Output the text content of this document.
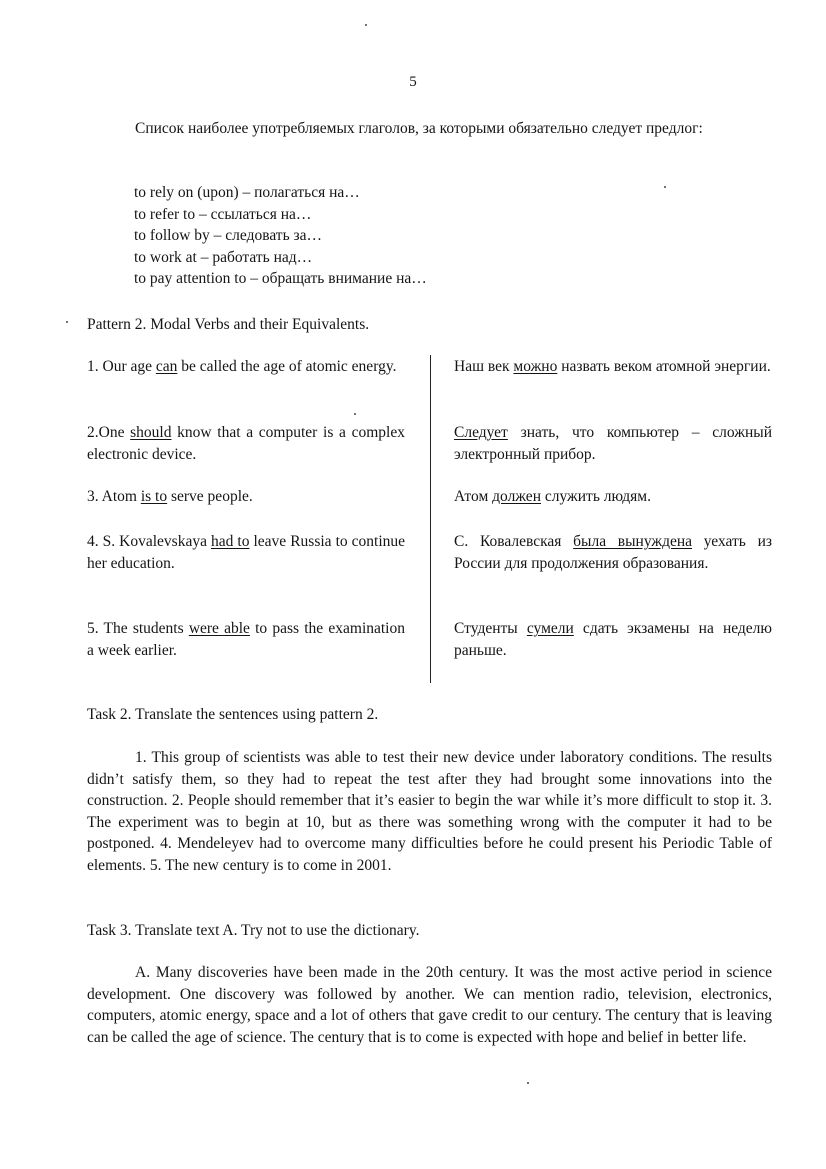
5

Список наиболее употребляемых глаголов, за которыми обязательно следует предлог:

to rely on (upon) – полагаться на…
to refer to – ссылаться на…
to follow by – следовать за…
to work at – работать над…
to pay attention to – обращать внимание на…
Pattern 2. Modal Verbs and their Equivalents.
1. Our age can be called the age of atomic energy.	Наш век можно назвать веком атомной энергии.
2.One should know that a computer is a complex electronic device.
Следует знать, что компьютер – сложный электронный прибор.
3. Atom is to serve people.	Атом должен служить людям.
4. S. Kovalevskaya had to leave Russia to continue her education.
С. Ковалевская была вынуждена уехать из России для продолжения образования.
5. The students were able to pass the examination a week earlier.
Студенты сумели сдать экзамены на неделю раньше.
Task 2. Translate the sentences using pattern 2.

1. This group of scientists was able to test their new device under laboratory conditions. The results didn’t satisfy them, so they had to repeat the test after they had brought some innovations into the construction. 2. People should remember that it’s easier to begin the war while it’s more difficult to stop it. 3. The experiment was to begin at 10, but as there was something wrong with the computer it had to be postponed. 4. Mendeleyev had to overcome many difficulties before he could present his Periodic Table of elements. 5. The new century is to come in 2001.

Task 3. Translate text A. Try not to use the dictionary.

A. Many discoveries have been made in the 20th century. It was the most active period in science development. One discovery was followed by another. We can mention radio, television, electronics, computers, atomic energy, space and a lot of others that gave credit to our century. The century that is leaving can be called the age of science. The century that is to come is expected with hope and belief in better life.
